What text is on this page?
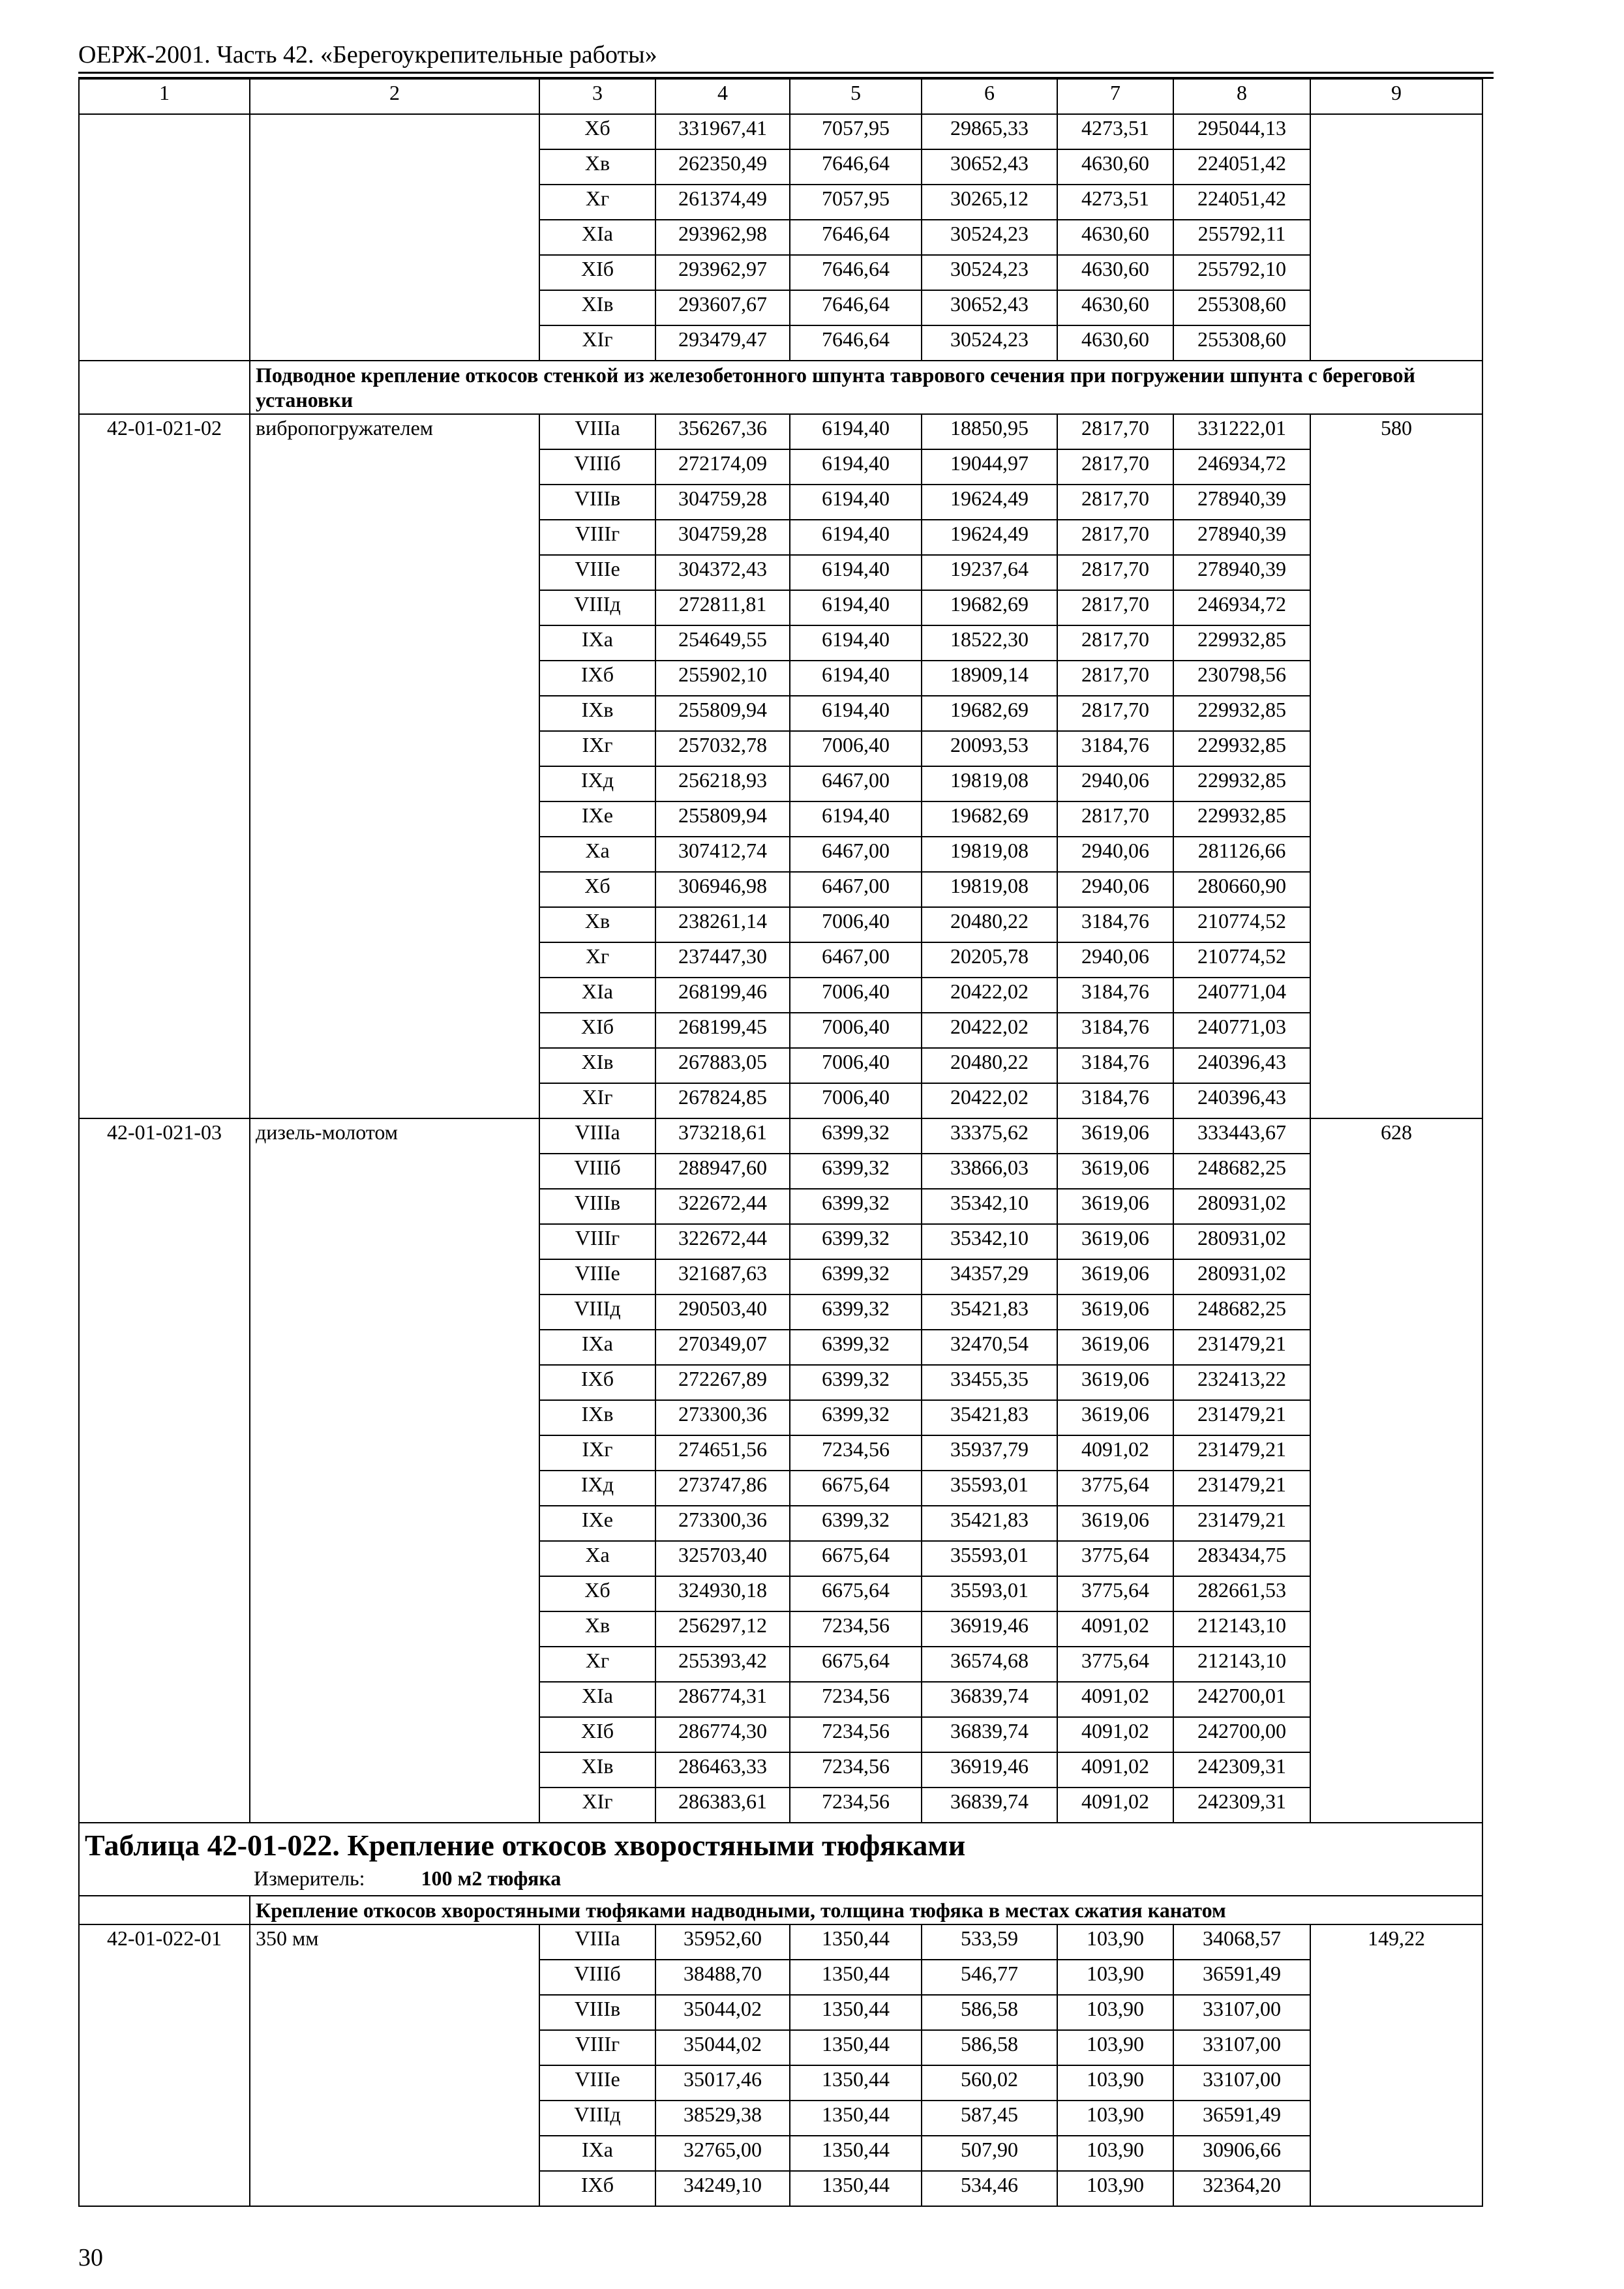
ОЕРЖ-2001. Часть 42. «Берегоукрепительные работы»
1	2	3	4	5	6	7	8	9
		Хб	331967,41	7057,95	29865,33	4273,51	295044,13	
		Хв	262350,49	7646,64	30652,43	4630,60	224051,42	
		Хг	261374,49	7057,95	30265,12	4273,51	224051,42	
		ХIа	293962,98	7646,64	30524,23	4630,60	255792,11	
		ХIб	293962,97	7646,64	30524,23	4630,60	255792,10	
		ХIв	293607,67	7646,64	30652,43	4630,60	255308,60	
		ХIг	293479,47	7646,64	30524,23	4630,60	255308,60	
	Подводное крепление откосов стенкой из железобетонного шпунта таврового сечения при погружении шпунта с береговой установки							
42-01-021-02	вибропогружателем	VIIIа	356267,36	6194,40	18850,95	2817,70	331222,01	580
		VIIIб	272174,09	6194,40	19044,97	2817,70	246934,72	
		VIIIв	304759,28	6194,40	19624,49	2817,70	278940,39	
		VIIIг	304759,28	6194,40	19624,49	2817,70	278940,39	
		VIIIе	304372,43	6194,40	19237,64	2817,70	278940,39	
		VIIIд	272811,81	6194,40	19682,69	2817,70	246934,72	
		IХа	254649,55	6194,40	18522,30	2817,70	229932,85	
		IХб	255902,10	6194,40	18909,14	2817,70	230798,56	
		IХв	255809,94	6194,40	19682,69	2817,70	229932,85	
		IХг	257032,78	7006,40	20093,53	3184,76	229932,85	
		IХд	256218,93	6467,00	19819,08	2940,06	229932,85	
		IХе	255809,94	6194,40	19682,69	2817,70	229932,85	
		Ха	307412,74	6467,00	19819,08	2940,06	281126,66	
		Хб	306946,98	6467,00	19819,08	2940,06	280660,90	
		Хв	238261,14	7006,40	20480,22	3184,76	210774,52	
		Хг	237447,30	6467,00	20205,78	2940,06	210774,52	
		ХIа	268199,46	7006,40	20422,02	3184,76	240771,04	
		ХIб	268199,45	7006,40	20422,02	3184,76	240771,03	
		ХIв	267883,05	7006,40	20480,22	3184,76	240396,43	
		ХIг	267824,85	7006,40	20422,02	3184,76	240396,43	
42-01-021-03	дизель-молотом	VIIIа	373218,61	6399,32	33375,62	3619,06	333443,67	628
		VIIIб	288947,60	6399,32	33866,03	3619,06	248682,25	
		VIIIв	322672,44	6399,32	35342,10	3619,06	280931,02	
		VIIIг	322672,44	6399,32	35342,10	3619,06	280931,02	
		VIIIе	321687,63	6399,32	34357,29	3619,06	280931,02	
		VIIIд	290503,40	6399,32	35421,83	3619,06	248682,25	
		IХа	270349,07	6399,32	32470,54	3619,06	231479,21	
		IХб	272267,89	6399,32	33455,35	3619,06	232413,22	
		IХв	273300,36	6399,32	35421,83	3619,06	231479,21	
		IХг	274651,56	7234,56	35937,79	4091,02	231479,21	
		IХд	273747,86	6675,64	35593,01	3775,64	231479,21	
		IХе	273300,36	6399,32	35421,83	3619,06	231479,21	
		Ха	325703,40	6675,64	35593,01	3775,64	283434,75	
		Хб	324930,18	6675,64	35593,01	3775,64	282661,53	
		Хв	256297,12	7234,56	36919,46	4091,02	212143,10	
		Хг	255393,42	6675,64	36574,68	3775,64	212143,10	
		ХIа	286774,31	7234,56	36839,74	4091,02	242700,01	
		ХIб	286774,30	7234,56	36839,74	4091,02	242700,00	
		ХIв	286463,33	7234,56	36919,46	4091,02	242309,31	
		ХIг	286383,61	7234,56	36839,74	4091,02	242309,31	

Таблица 42-01-022. Крепление откосов хворостяными тюфяками
Измеритель: 100 м2 тюфяка								

	Крепление откосов хворостяными тюфяками надводными, толщина тюфяка в местах сжатия канатом							
42-01-022-01	350 мм	VIIIа	35952,60	1350,44	533,59	103,90	34068,57	149,22
		VIIIб	38488,70	1350,44	546,77	103,90	36591,49	
		VIIIв	35044,02	1350,44	586,58	103,90	33107,00	
		VIIIг	35044,02	1350,44	586,58	103,90	33107,00	
		VIIIе	35017,46	1350,44	560,02	103,90	33107,00	
		VIIIд	38529,38	1350,44	587,45	103,90	36591,49	
		IХа	32765,00	1350,44	507,90	103,90	30906,66	
		IХб	34249,10	1350,44	534,46	103,90	32364,20	
30
